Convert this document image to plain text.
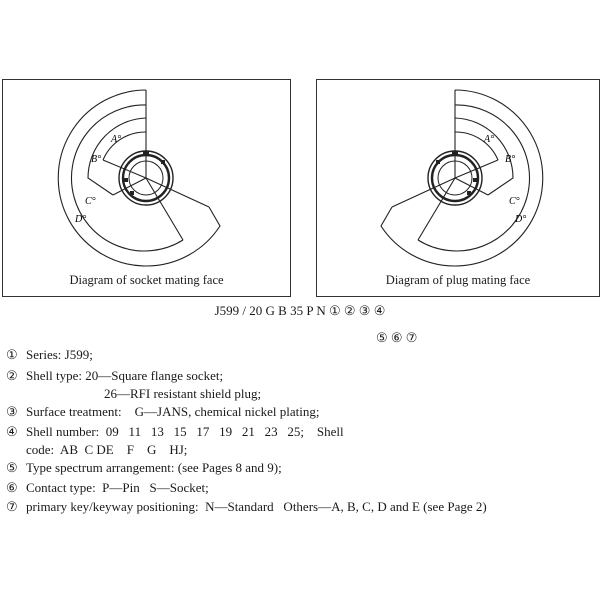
A°
B°
C°
D°
Diagram of socket mating face
A°
B°
C°
D°
Diagram of plug mating face
J599 / 20 G B 35 P N ① ② ③ ④
⑤ ⑥ ⑦
① Series: J599;
② Shell type: 20—Square flange socket;
26—RFI resistant shield plug;
③ Surface treatment:    G—JANS, chemical nickel plating;
④ Shell number:  09   11   13   15   17   19   21   23   25;    Shell
code:  AB  C DE    F    G    HJ;
⑤ Type spectrum arrangement: (see Pages 8 and 9);
⑥ Contact type:  P—Pin   S—Socket;
⑦ primary key/keyway positioning:  N—Standard   Others—A, B, C, D and E (see Page 2)
